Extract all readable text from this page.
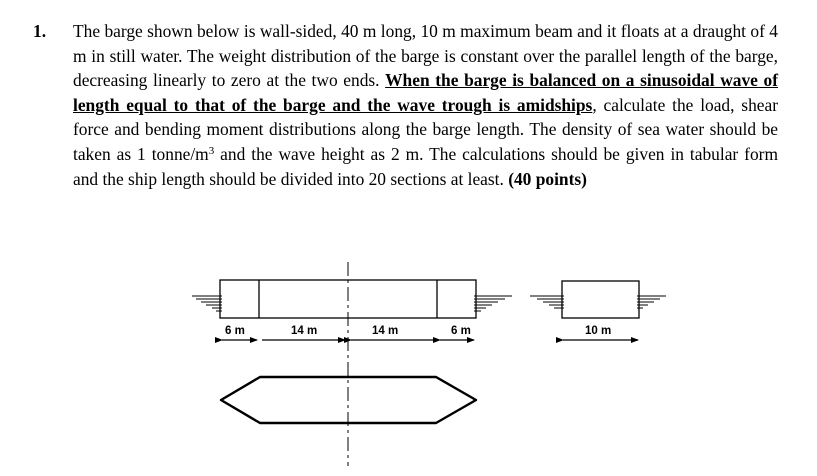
1. The barge shown below is wall-sided, 40 m long, 10 m maximum beam and it floats at a draught of 4 m in still water. The weight distribution of the barge is constant over the parallel length of the barge, decreasing linearly to zero at the two ends. When the barge is balanced on a sinusoidal wave of length equal to that of the barge and the wave trough is amidships, calculate the load, shear force and bending moment distributions along the barge length. The density of sea water should be taken as 1 tonne/$m^3$ and the wave height as 2 m. The calculations should be given in tabular form and the ship length should be divided into 20 sections at least. (40 points)
6 m	14 m	14 m	6 m	10 m
